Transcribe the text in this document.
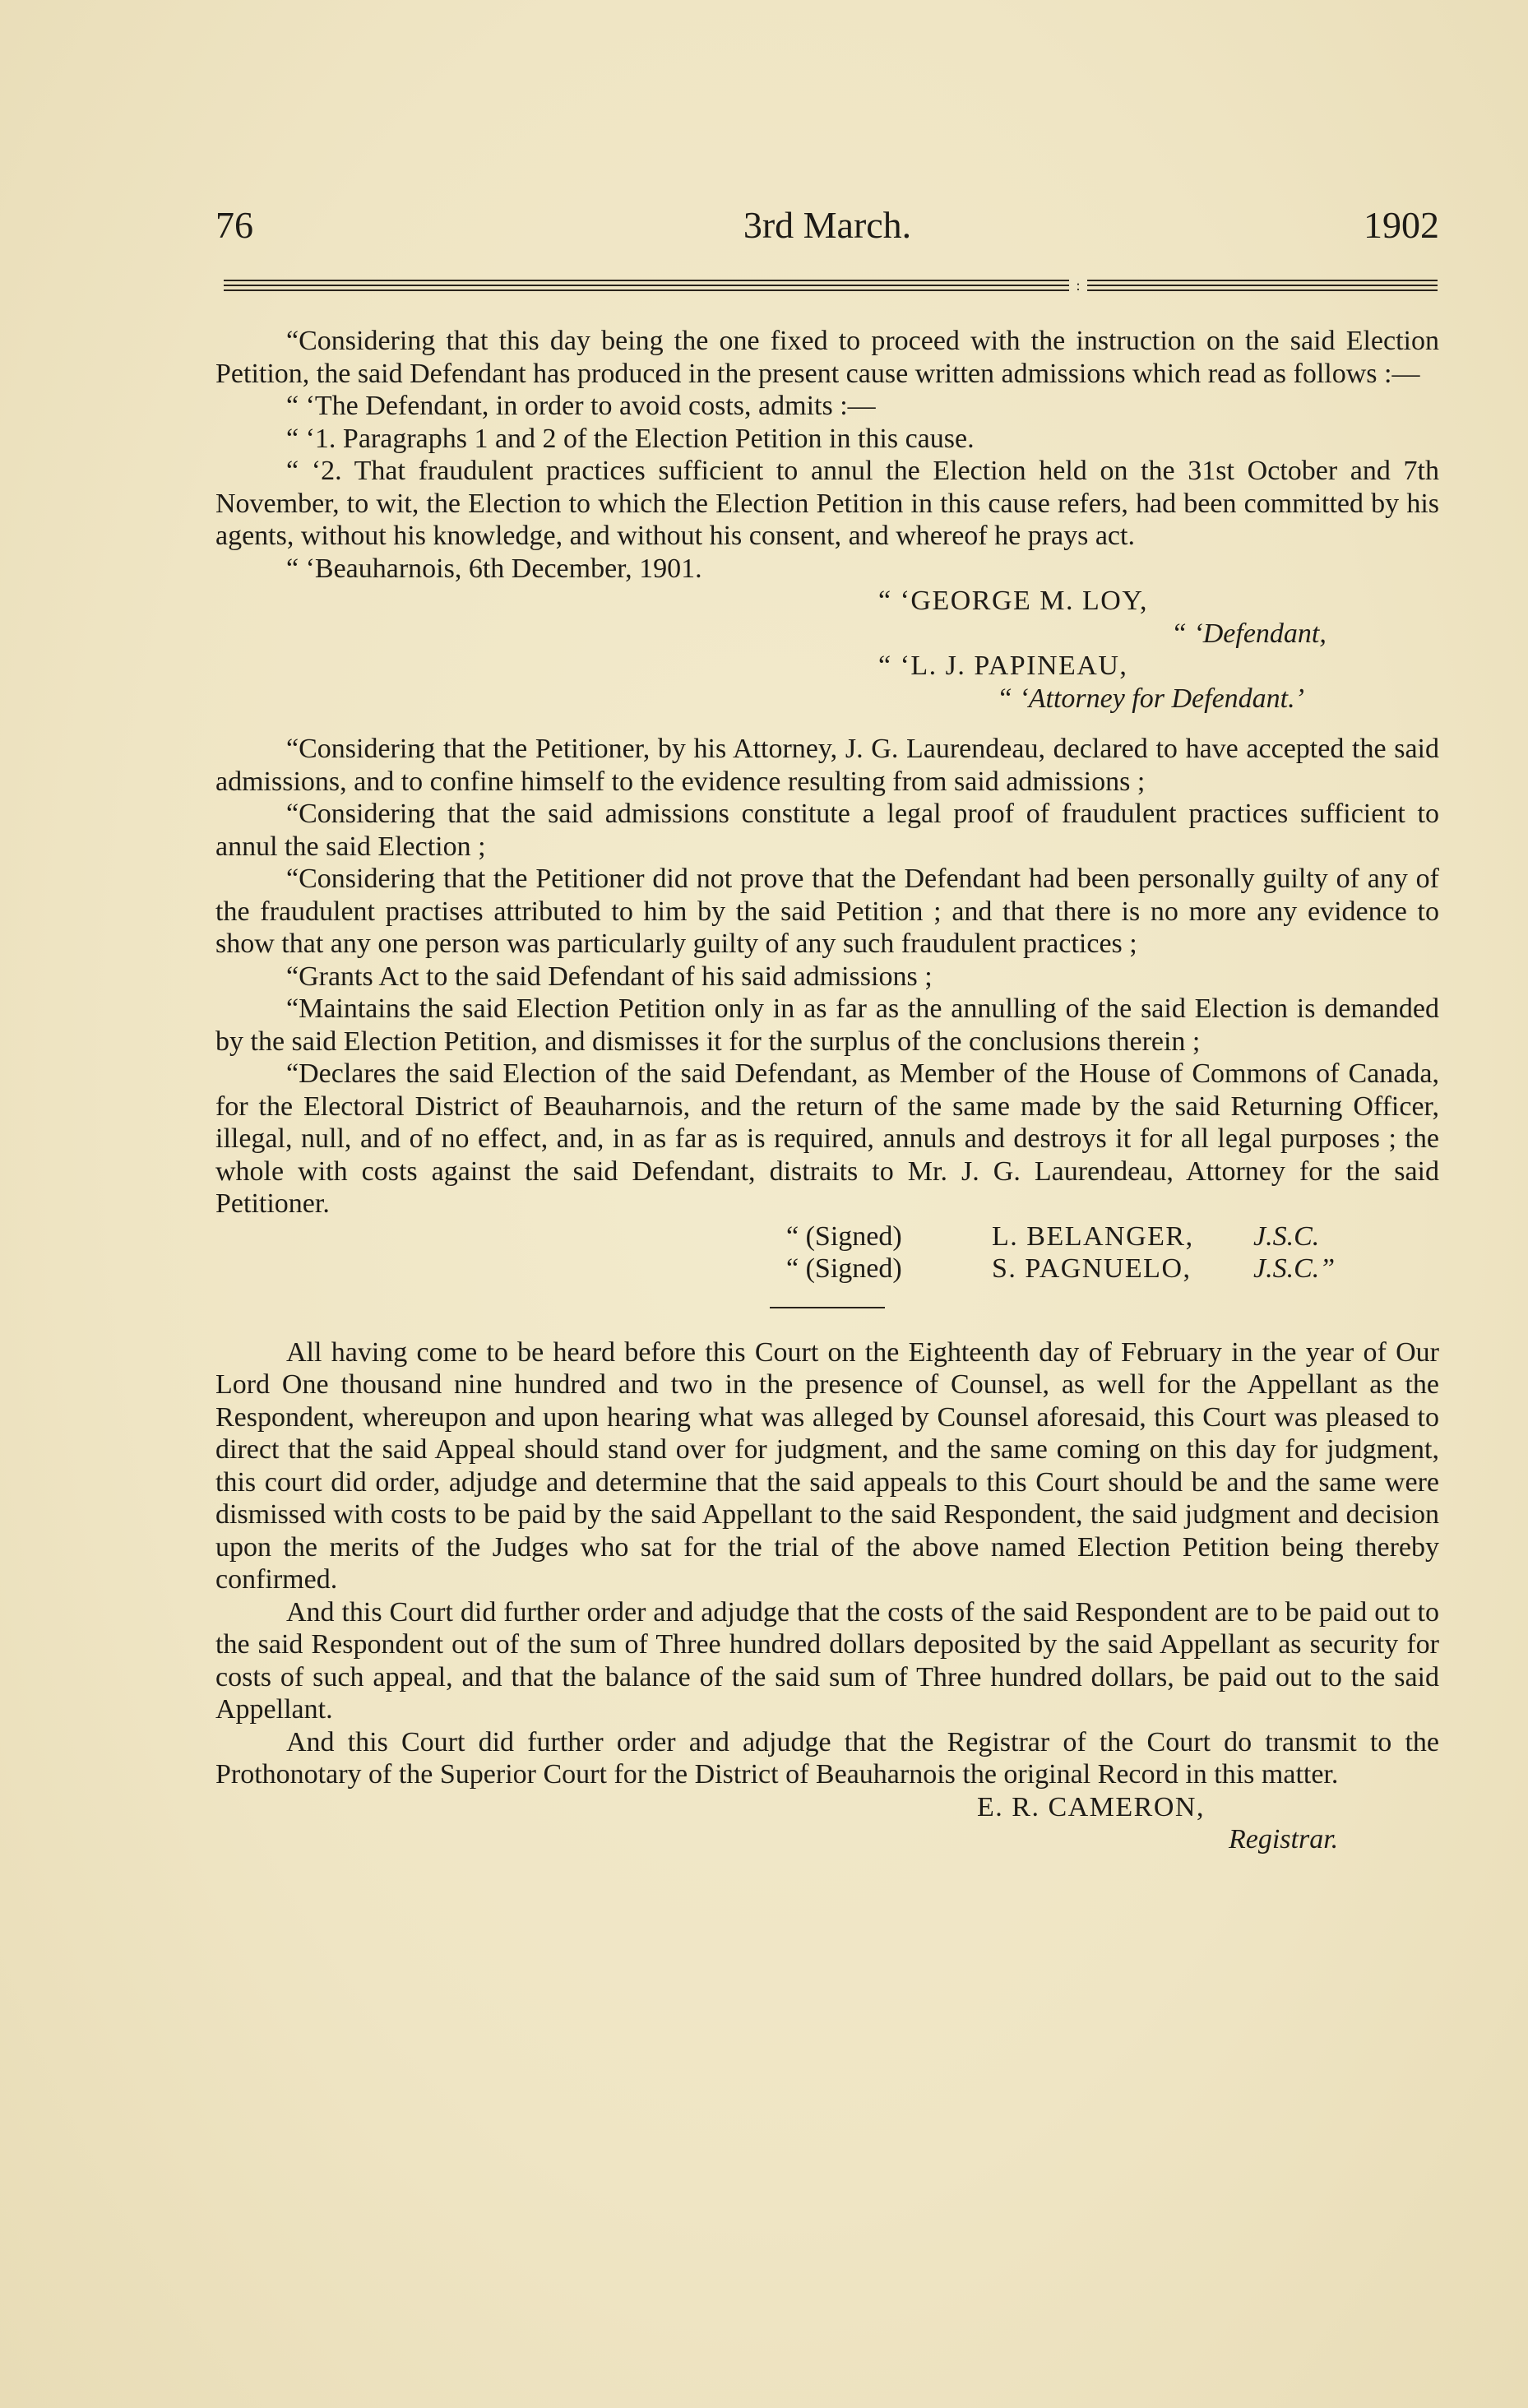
76	3rd March.	1902
:

“Considering that this day being the one fixed to proceed with the instruction on the said Election Petition, the said Defendant has produced in the present cause written admissions which read as follows :—

“ ‘The Defendant, in order to avoid costs, admits :—

“ ‘1. Paragraphs 1 and 2 of the Election Petition in this cause.

“ ‘2. That fraudulent practices sufficient to annul the Election held on the 31st October and 7th November, to wit, the Election to which the Election Petition in this cause refers, had been committed by his agents, without his knowledge, and without his consent, and whereof he prays act.

“ ‘Beauharnois, 6th December, 1901.

“ ‘GEORGE M. LOY,
“ ‘Defendant,
“ ‘L. J. PAPINEAU,
“ ‘Attorney for Defendant.’

“Considering that the Petitioner, by his Attorney, J. G. Laurendeau, declared to have accepted the said admissions, and to confine himself to the evidence resulting from said admissions ;

“Considering that the said admissions constitute a legal proof of fraudulent practices sufficient to annul the said Election ;

“Considering that the Petitioner did not prove that the Defendant had been personally guilty of any of the fraudulent practises attributed to him by the said Petition ; and that there is no more any evidence to show that any one person was particularly guilty of any such fraudulent practices ;

“Grants Act to the said Defendant of his said admissions ;

“Maintains the said Election Petition only in as far as the annulling of the said Election is demanded by the said Election Petition, and dismisses it for the surplus of the conclusions therein ;

“Declares the said Election of the said Defendant, as Member of the House of Commons of Canada, for the Electoral District of Beauharnois, and the return of the same made by the said Returning Officer, illegal, null, and of no effect, and, in as far as is required, annuls and destroys it for all legal purposes ; the whole with costs against the said Defendant, distraits to Mr. J. G. Laurendeau, Attorney for the said Petitioner.

“ (Signed)	L. BELANGER, J.S.C.
“ (Signed)	S. PAGNUELO, J.S.C.”

All having come to be heard before this Court on the Eighteenth day of February in the year of Our Lord One thousand nine hundred and two in the presence of Counsel, as well for the Appellant as the Respondent, whereupon and upon hearing what was alleged by Counsel aforesaid, this Court was pleased to direct that the said Appeal should stand over for judgment, and the same coming on this day for judgment, this court did order, adjudge and determine that the said appeals to this Court should be and the same were dismissed with costs to be paid by the said Appellant to the said Respondent, the said judgment and decision upon the merits of the Judges who sat for the trial of the above named Election Petition being thereby confirmed.

And this Court did further order and adjudge that the costs of the said Respondent are to be paid out to the said Respondent out of the sum of Three hundred dollars deposited by the said Appellant as security for costs of such appeal, and that the balance of the said sum of Three hundred dollars, be paid out to the said Appellant.

And this Court did further order and adjudge that the Registrar of the Court do transmit to the Prothonotary of the Superior Court for the District of Beauharnois the original Record in this matter.

E. R. CAMERON,
Registrar.
